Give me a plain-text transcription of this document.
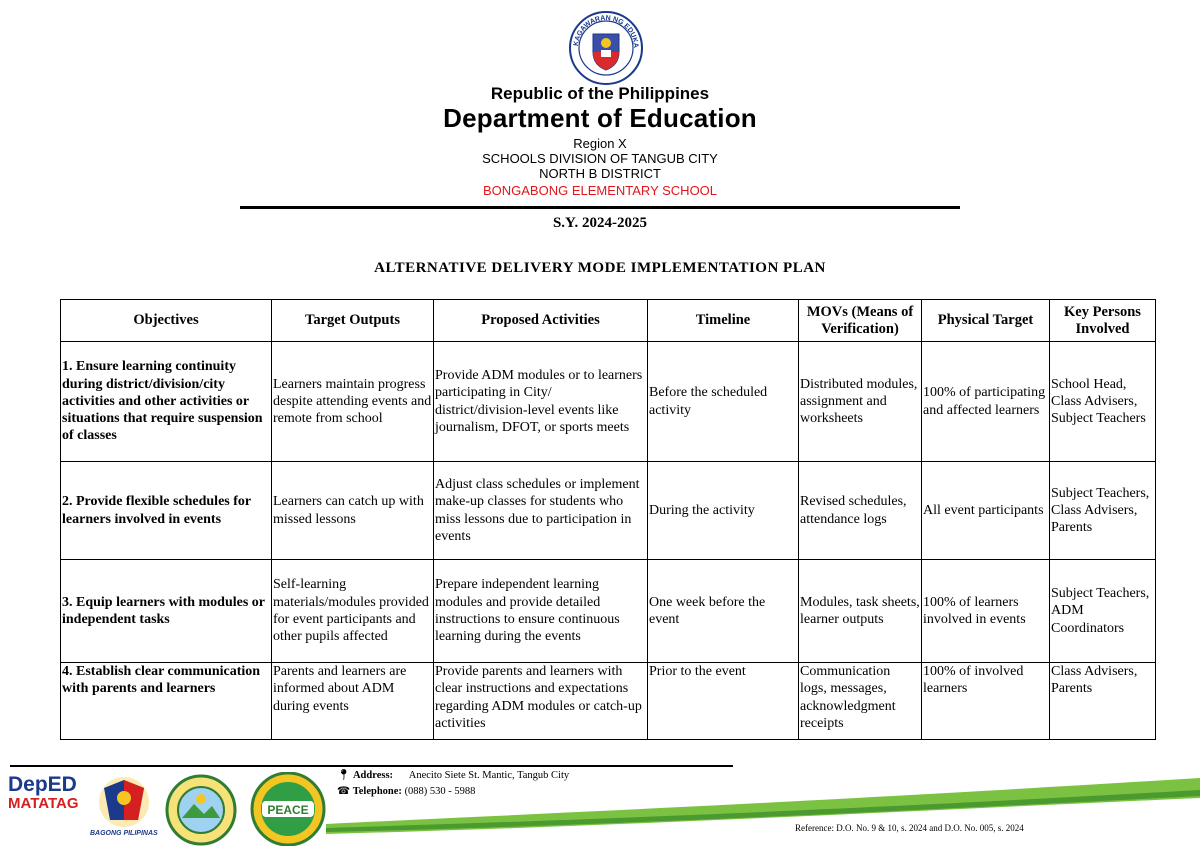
KAGAWARAN NG EDUKA
Republic of the Philippines
Department of Education
Region X
SCHOOLS DIVISION OF TANGUB CITY
NORTH B DISTRICT
BONGABONG ELEMENTARY SCHOOL
S.Y. 2024-2025
ALTERNATIVE DELIVERY MODE IMPLEMENTATION PLAN
Objectives	Target Outputs	Proposed Activities	Timeline	MOVs (Means of Verification)	Physical Target	Key Persons Involved
1. Ensure learning continuity during district/division/city activities and other activities or situations that require suspension of classes	Learners maintain progress despite attending events and remote from school	Provide ADM modules or to learners participating in City/ district/division-level events like journalism, DFOT, or sports meets	Before the scheduled activity	Distributed modules, assignment and worksheets	100% of participating and affected learners	School Head, Class Advisers, Subject Teachers
2. Provide flexible schedules for learners involved in events	Learners can catch up with missed lessons	Adjust class schedules or implement make-up classes for students who miss lessons due to participation in events	During the activity	Revised schedules, attendance logs	All event participants	Subject Teachers, Class Advisers, Parents
3. Equip learners with modules or independent tasks	Self-learning materials/modules provided for event participants and other pupils affected	Prepare independent learning modules and provide detailed instructions to ensure continuous learning during the events	One week before the event	Modules, task sheets, learner outputs	100% of learners involved in events	Subject Teachers, ADM Coordinators
4. Establish clear communication with parents and learners	Parents and learners are informed about ADM during events	Provide parents and learners with clear instructions and expectations regarding ADM modules or catch-up activities	Prior to the event	Communication logs, messages, acknowledgment receipts	100% of involved learners	Class Advisers, Parents
DepED
MATATAG
BAGONG PILIPINAS
PEACE
📍︎ Address: Anecito Siete St. Mantic, Tangub City
☎︎ Telephone: (088) 530 - 5988
Reference: D.O. No. 9 & 10, s. 2024 and D.O. No. 005, s. 2024
